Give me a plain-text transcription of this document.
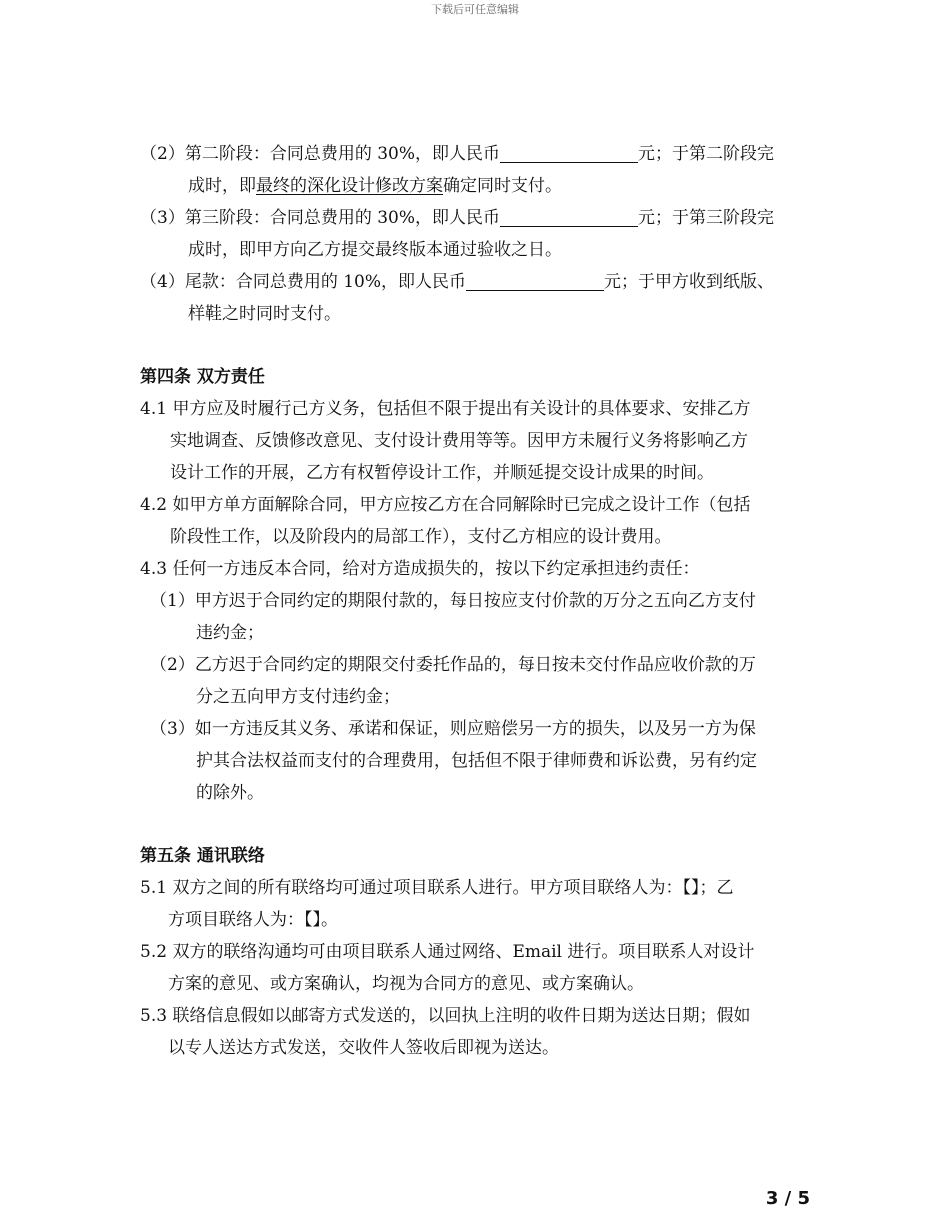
下载后可任意编辑

（2）第二阶段：合同总费用的 30%，即人民币	元；于第二阶段完

成时，即最终的深化设计修改方案确定同时支付。

（3）第三阶段：合同总费用的 30%，即人民币	元；于第三阶段完

成时，即甲方向乙方提交最终版本通过验收之日。

（4）尾款：合同总费用的 10%，即人民币	元；于甲方收到纸版、

样鞋之时同时支付。

第四条 双方责任

4.1 甲方应及时履行己方义务，包括但不限于提出有关设计的具体要求、安排乙方

实地调查、反馈修改意见、支付设计费用等等。因甲方未履行义务将影响乙方

设计工作的开展，乙方有权暂停设计工作，并顺延提交设计成果的时间。

4.2 如甲方单方面解除合同，甲方应按乙方在合同解除时已完成之设计工作（包括

阶段性工作，以及阶段内的局部工作），支付乙方相应的设计费用。

4.3 任何一方违反本合同，给对方造成损失的，按以下约定承担违约责任：

（1）甲方迟于合同约定的期限付款的，每日按应支付价款的万分之五向乙方支付

违约金；

（2）乙方迟于合同约定的期限交付委托作品的，每日按未交付作品应收价款的万

分之五向甲方支付违约金；

（3）如一方违反其义务、承诺和保证，则应赔偿另一方的损失，以及另一方为保

护其合法权益而支付的合理费用，包括但不限于律师费和诉讼费，另有约定

的除外。

第五条 通讯联络

5.1 双方之间的所有联络均可通过项目联系人进行。甲方项目联络人为：【】；乙

方项目联络人为：【】。

5.2 双方的联络沟通均可由项目联系人通过网络、Email 进行。项目联系人对设计

方案的意见、或方案确认，均视为合同方的意见、或方案确认。

5.3 联络信息假如以邮寄方式发送的，以回执上注明的收件日期为送达日期；假如

以专人送达方式发送，交收件人签收后即视为送达。

3 / 5
